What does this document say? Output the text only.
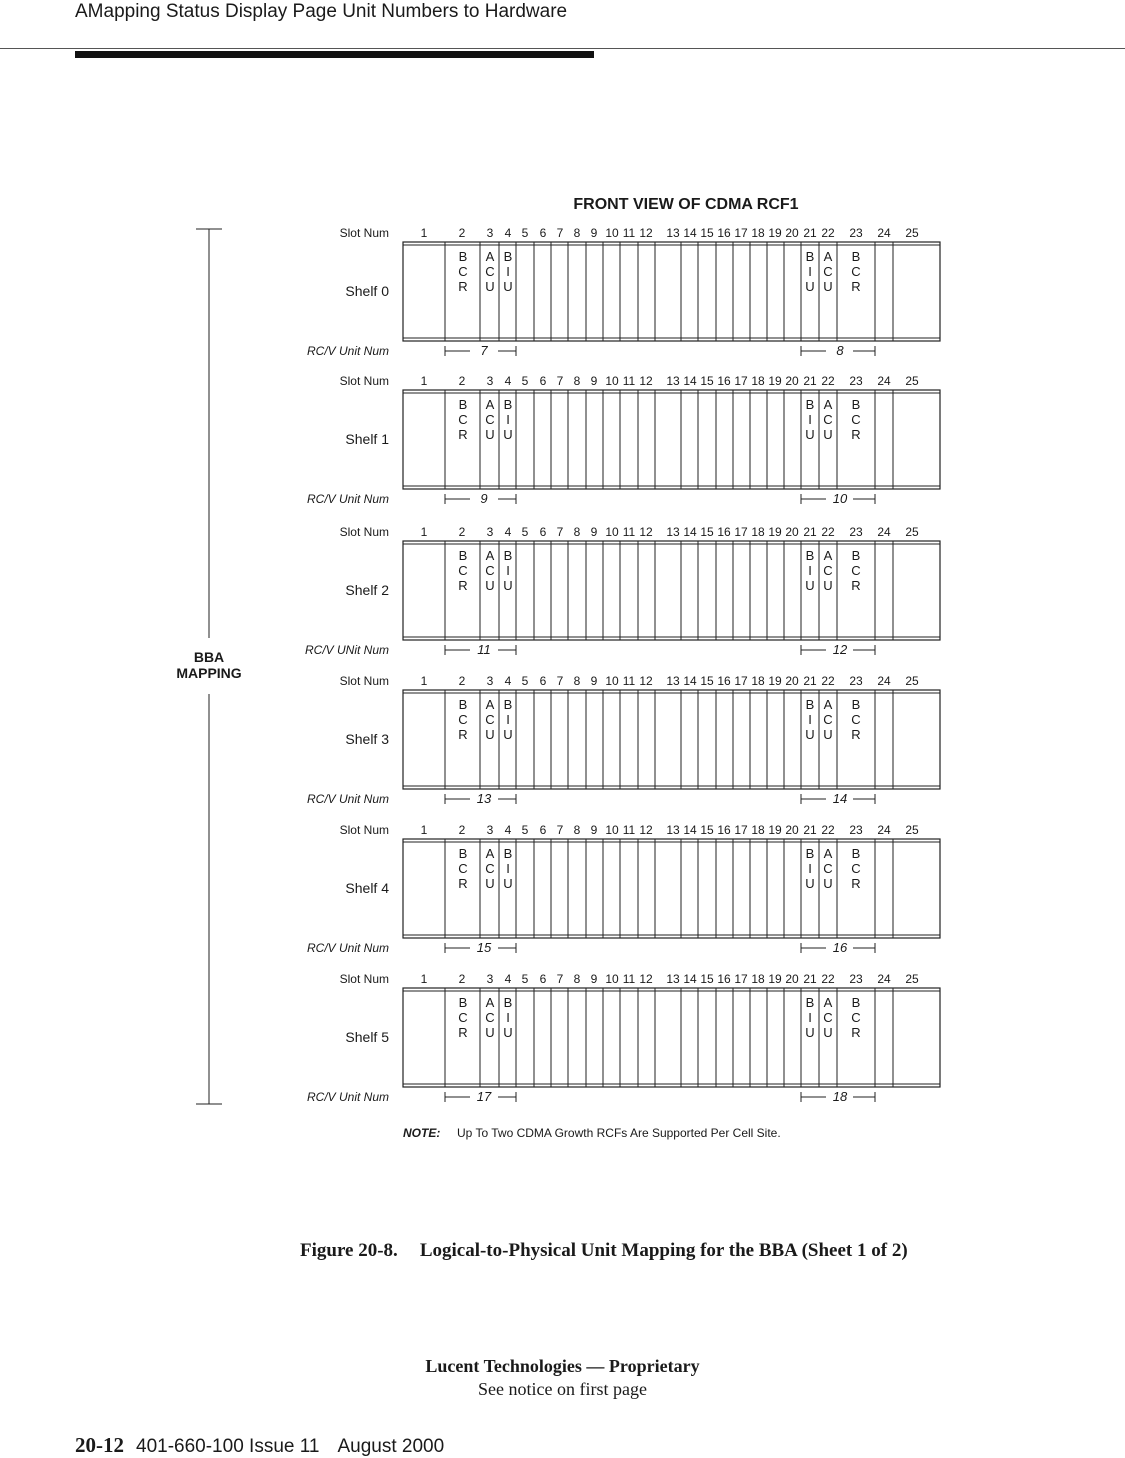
AMapping Status Display Page Unit Numbers to Hardware
FRONT VIEW OF CDMA RCF1
BBA
MAPPING
Slot Num	1	2 3 4 5 6 7 8 9 10 11 12 13 14 15 16 17 18 19 20 21 22 23 24 25
Shelf 0
B C R
A C U
B I U
B I U
A C U
B C R
RC/V Unit Num	7	8
Slot Num	1	2 3 4 5 6 7 8 9 10 11 12 13 14 15 16 17 18 19 20 21 22 23 24 25
Shelf 1
B C R
A C U
B I U
B I U
A C U
B C R
RC/V Unit Num	9	10
Slot Num	1	2 3 4 5 6 7 8 9 10 11 12 13 14 15 16 17 18 19 20 21 22 23 24 25
Shelf 2
B C R
A C U
B I U
B I U
A C U
B C R
RC/V UNit Num	11	12
Slot Num	1	2 3 4 5 6 7 8 9 10 11 12 13 14 15 16 17 18 19 20 21 22 23 24 25
Shelf 3
B C R
A C U
B I U
B I U
A C U
B C R
RC/V Unit Num	13	14
Slot Num	1	2 3 4 5 6 7 8 9 10 11 12 13 14 15 16 17 18 19 20 21 22 23 24 25
Shelf 4
B C R
A C U
B I U
B I U
A C U
B C R
RC/V Unit Num	15	16
Slot Num	1	2 3 4 5 6 7 8 9 10 11 12 13 14 15 16 17 18 19 20 21 22 23 24 25
Shelf 5
B C R
A C U
B I U
B I U
A C U
B C R
RC/V Unit Num	17	18
NOTE: Up To Two CDMA Growth RCFs Are Supported Per Cell Site.
Figure 20-8. Logical-to-Physical Unit Mapping for the BBA (Sheet 1 of 2)
Lucent Technologies — Proprietary
See notice on first page
20-12 401-660-100 Issue 11 August 2000
